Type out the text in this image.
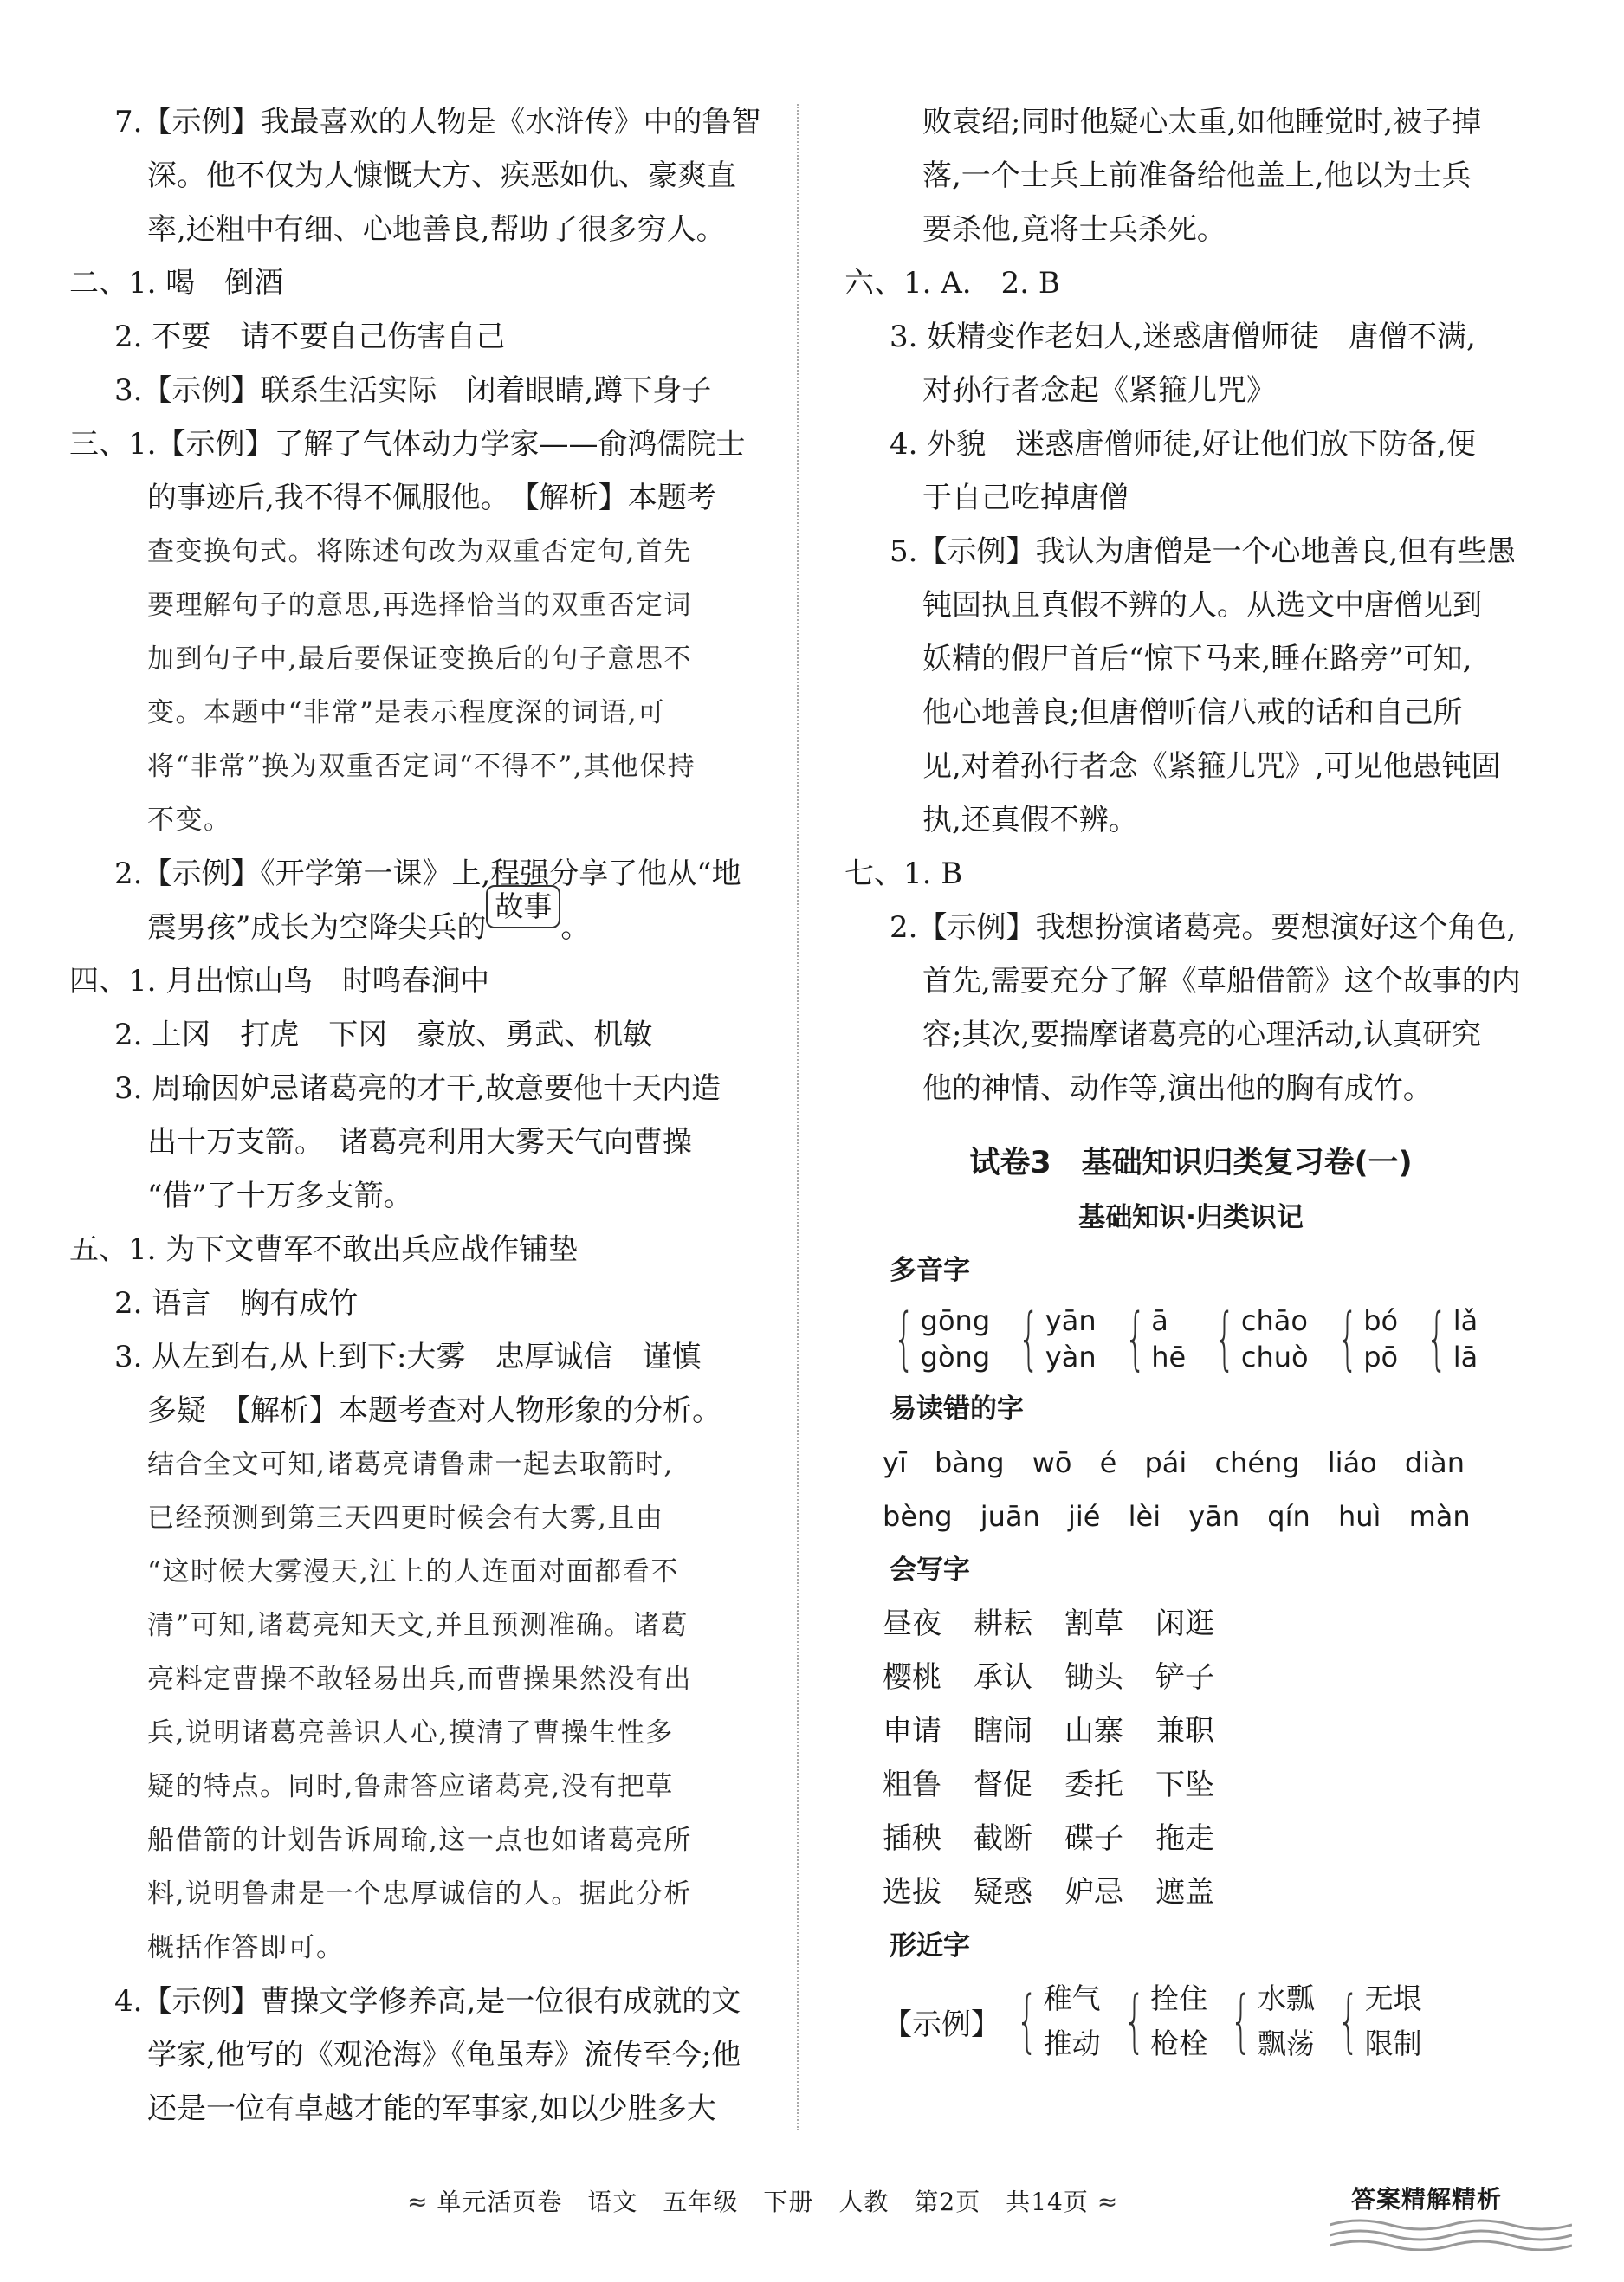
7.【示例】我最喜欢的人物是《水浒传》中的鲁智
深。他不仅为人慷慨大方、疾恶如仇、豪爽直
率,还粗中有细、心地善良,帮助了很多穷人。
二、1. 喝　倒酒
2. 不要　请不要自己伤害自己
3.【示例】联系生活实际　闭着眼睛,蹲下身子
三、1.【示例】了解了气体动力学家——俞鸿儒院士
的事迹后,我不得不佩服他。　【解析】本题考
查变换句式。将陈述句改为双重否定句,首先
要理解句子的意思,再选择恰当的双重否定词
加到句子中,最后要保证变换后的句子意思不
变。本题中“非常”是表示程度深的词语,可
将“非常”换为双重否定词“不得不”,其他保持
不变。
2.【示例】《开学第一课》上,程强分享了他从“地
震男孩”成长为空降尖兵的故事。
四、1. 月出惊山鸟　时鸣春涧中
2. 上冈　打虎　下冈　豪放、勇武、机敏
3. 周瑜因妒忌诸葛亮的才干,故意要他十天内造
出十万支箭。　诸葛亮利用大雾天气向曹操
“借”了十万多支箭。
五、1. 为下文曹军不敢出兵应战作铺垫
2. 语言　胸有成竹
3. 从左到右,从上到下:大雾　忠厚诚信　谨慎
多疑　【解析】本题考查对人物形象的分析。
结合全文可知,诸葛亮请鲁肃一起去取箭时,
已经预测到第三天四更时候会有大雾,且由
“这时候大雾漫天,江上的人连面对面都看不
清”可知,诸葛亮知天文,并且预测准确。诸葛
亮料定曹操不敢轻易出兵,而曹操果然没有出
兵,说明诸葛亮善识人心,摸清了曹操生性多
疑的特点。同时,鲁肃答应诸葛亮,没有把草
船借箭的计划告诉周瑜,这一点也如诸葛亮所
料,说明鲁肃是一个忠厚诚信的人。据此分析
概括作答即可。
4.【示例】曹操文学修养高,是一位很有成就的文
学家,他写的《观沧海》《龟虽寿》流传至今;他
还是一位有卓越才能的军事家,如以少胜多大
败袁绍;同时他疑心太重,如他睡觉时,被子掉
落,一个士兵上前准备给他盖上,他以为士兵
要杀他,竟将士兵杀死。
六、1. A.　2. B
3. 妖精变作老妇人,迷惑唐僧师徒　唐僧不满,
对孙行者念起《紧箍儿咒》
4. 外貌　迷惑唐僧师徒,好让他们放下防备,便
于自己吃掉唐僧
5.【示例】我认为唐僧是一个心地善良,但有些愚
钝固执且真假不辨的人。从选文中唐僧见到
妖精的假尸首后“惊下马来,睡在路旁”可知,
他心地善良;但唐僧听信八戒的话和自己所
见,对着孙行者念《紧箍儿咒》,可见他愚钝固
执,还真假不辨。
七、1. B
2.【示例】我想扮演诸葛亮。要想演好这个角色,
首先,需要充分了解《草船借箭》这个故事的内
容;其次,要揣摩诸葛亮的心理活动,认真研究
他的神情、动作等,演出他的胸有成竹。
试卷3　基础知识归类复习卷(一)
基础知识·归类识记
多音字
{ gōng
gòng { yān
yàn { ā
hē { chāo
chuò { bó
pō { lǎ
lā
易读错的字
yī bàng wō é pái chéng liáo diàn
bèng juān jié lèi yān qín huì màn
会写字
昼夜 耕耘 割草 闲逛
樱桃 承认 锄头 铲子
申请 瞎闹 山寨 兼职
粗鲁 督促 委托 下坠
插秧 截断 碟子 拖走
选拔 疑惑 妒忌 遮盖
形近字
【示例】 { 稚气
推动 { 拴住
枪栓 { 水瓢
飘荡 { 无垠
限制
≈ 单元活页卷　语文　五年级　下册　人教　第2页　共14页 ≈	答案精解精析
